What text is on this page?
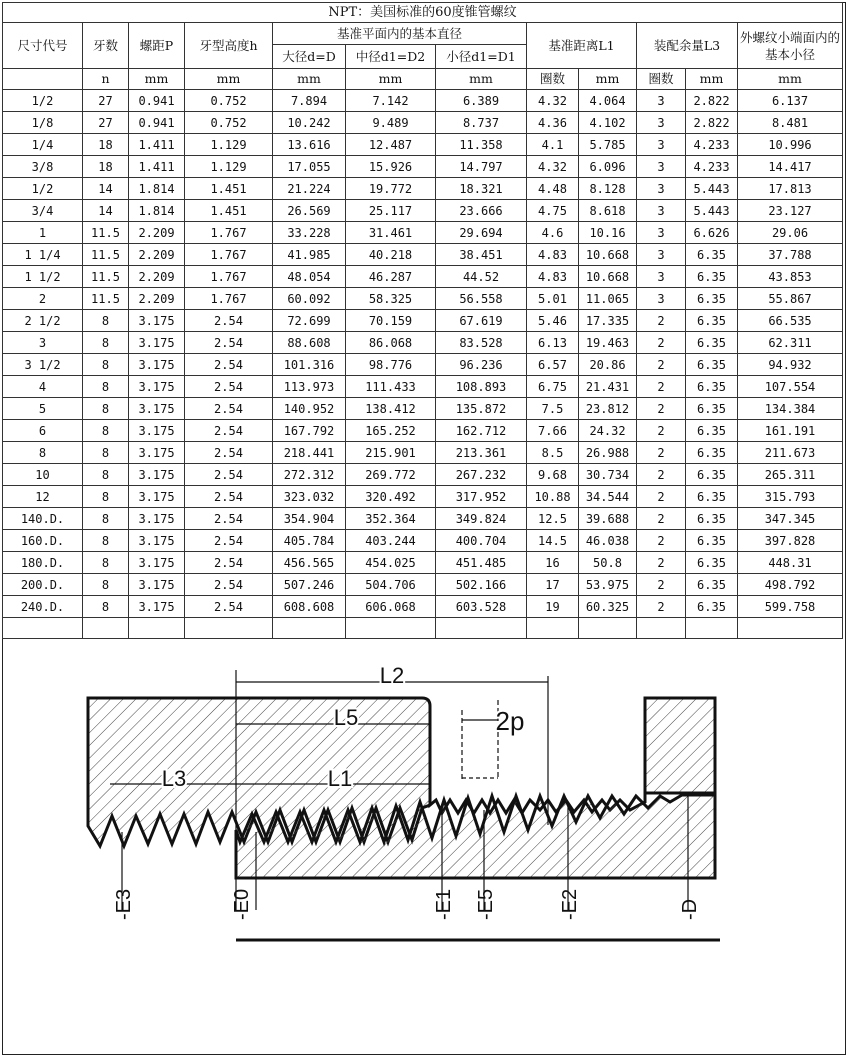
NPT：美国标准的60度锥管螺纹											
尺寸代号	牙数	螺距P	牙型高度h	基准平面内的基本直径			基准距离L1		装配余量L3		外螺纹小端面内的基本小径
				大径d=D	中径d1=D2	小径d1=D1					
	n	mm	mm	mm	mm	mm	圈数	mm	圈数	mm	mm
1/2	27	0.941	0.752	7.894	7.142	6.389	4.32	4.064	3	2.822	6.137
1/8	27	0.941	0.752	10.242	9.489	8.737	4.36	4.102	3	2.822	8.481
1/4	18	1.411	1.129	13.616	12.487	11.358	4.1	5.785	3	4.233	10.996
3/8	18	1.411	1.129	17.055	15.926	14.797	4.32	6.096	3	4.233	14.417
1/2	14	1.814	1.451	21.224	19.772	18.321	4.48	8.128	3	5.443	17.813
3/4	14	1.814	1.451	26.569	25.117	23.666	4.75	8.618	3	5.443	23.127
1	11.5	2.209	1.767	33.228	31.461	29.694	4.6	10.16	3	6.626	29.06
1 1/4	11.5	2.209	1.767	41.985	40.218	38.451	4.83	10.668	3	6.35	37.788
1 1/2	11.5	2.209	1.767	48.054	46.287	44.52	4.83	10.668	3	6.35	43.853
2	11.5	2.209	1.767	60.092	58.325	56.558	5.01	11.065	3	6.35	55.867
2 1/2	8	3.175	2.54	72.699	70.159	67.619	5.46	17.335	2	6.35	66.535
3	8	3.175	2.54	88.608	86.068	83.528	6.13	19.463	2	6.35	62.311
3 1/2	8	3.175	2.54	101.316	98.776	96.236	6.57	20.86	2	6.35	94.932
4	8	3.175	2.54	113.973	111.433	108.893	6.75	21.431	2	6.35	107.554
5	8	3.175	2.54	140.952	138.412	135.872	7.5	23.812	2	6.35	134.384
6	8	3.175	2.54	167.792	165.252	162.712	7.66	24.32	2	6.35	161.191
8	8	3.175	2.54	218.441	215.901	213.361	8.5	26.988	2	6.35	211.673
10	8	3.175	2.54	272.312	269.772	267.232	9.68	30.734	2	6.35	265.311
12	8	3.175	2.54	323.032	320.492	317.952	10.88	34.544	2	6.35	315.793
140.D.	8	3.175	2.54	354.904	352.364	349.824	12.5	39.688	2	6.35	347.345
160.D.	8	3.175	2.54	405.784	403.244	400.704	14.5	46.038	2	6.35	397.828
180.D.	8	3.175	2.54	456.565	454.025	451.485	16	50.8	2	6.35	448.31
200.D.	8	3.175	2.54	507.246	504.706	502.166	17	53.975	2	6.35	498.792
240.D.	8	3.175	2.54	608.608	606.068	603.528	19	60.325	2	6.35	599.758

L2
L5	2p
L3	L1
-E3	-E0	-E1 -E5	-E2	-D
